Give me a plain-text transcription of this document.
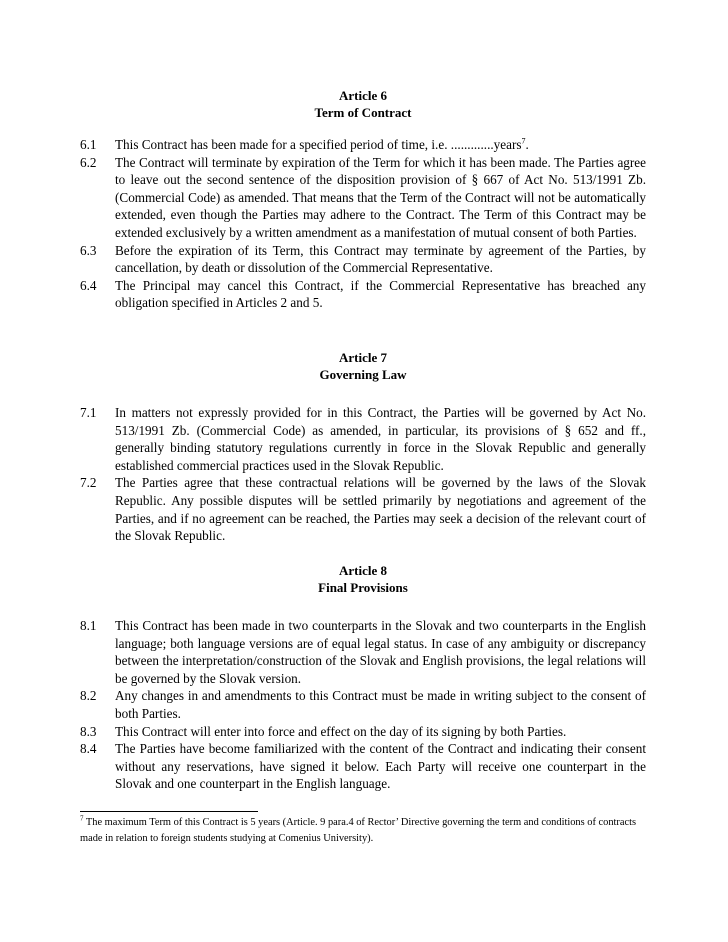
Article 6
Term of Contract
6.1	This Contract has been made for a specified period of time, i.e. .............years$^7$.
6.2	The Contract will terminate by expiration of the Term for which it has been made. The Parties agree to leave out the second sentence of the disposition provision of § 667 of Act No. 513/1991 Zb. (Commercial Code) as amended. That means that the Term of the Contract will not be automatically extended, even though the Parties may adhere to the Contract. The Term of this Contract may be extended exclusively by a written amendment as a manifestation of mutual consent of both Parties.
6.3	Before the expiration of its Term, this Contract may terminate by agreement of the Parties, by cancellation, by death or dissolution of the Commercial Representative.
6.4	The Principal may cancel this Contract, if the Commercial Representative has breached any obligation specified in Articles 2 and 5.
Article 7
Governing Law
7.1	In matters not expressly provided for in this Contract, the Parties will be governed by Act No. 513/1991 Zb. (Commercial Code) as amended, in particular, its provisions of § 652 and ff., generally binding statutory regulations currently in force in the Slovak Republic and generally established commercial practices used in the Slovak Republic.
7.2	The Parties agree that these contractual relations will be governed by the laws of the Slovak Republic. Any possible disputes will be settled primarily by negotiations and agreement of the Parties, and if no agreement can be reached, the Parties may seek a decision of the relevant court of the Slovak Republic.
Article 8
Final Provisions
8.1	This Contract has been made in two counterparts in the Slovak and two counterparts in the English language; both language versions are of equal legal status. In case of any ambiguity or discrepancy between the interpretation/construction of the Slovak and English provisions, the legal relations will be governed by the Slovak version.
8.2	Any changes in and amendments to this Contract must be made in writing subject to the consent of both Parties.
8.3	This Contract will enter into force and effect on the day of its signing by both Parties.
8.4	The Parties have become familiarized with the content of the Contract and indicating their consent without any reservations, have signed it below. Each Party will receive one counterpart in the Slovak and one counterpart in the English language.
$^7$ The maximum Term of this Contract is 5 years (Article. 9 para.4 of Rector’ Directive governing the term and conditions of contracts made in relation to foreign students studying at Comenius University).
